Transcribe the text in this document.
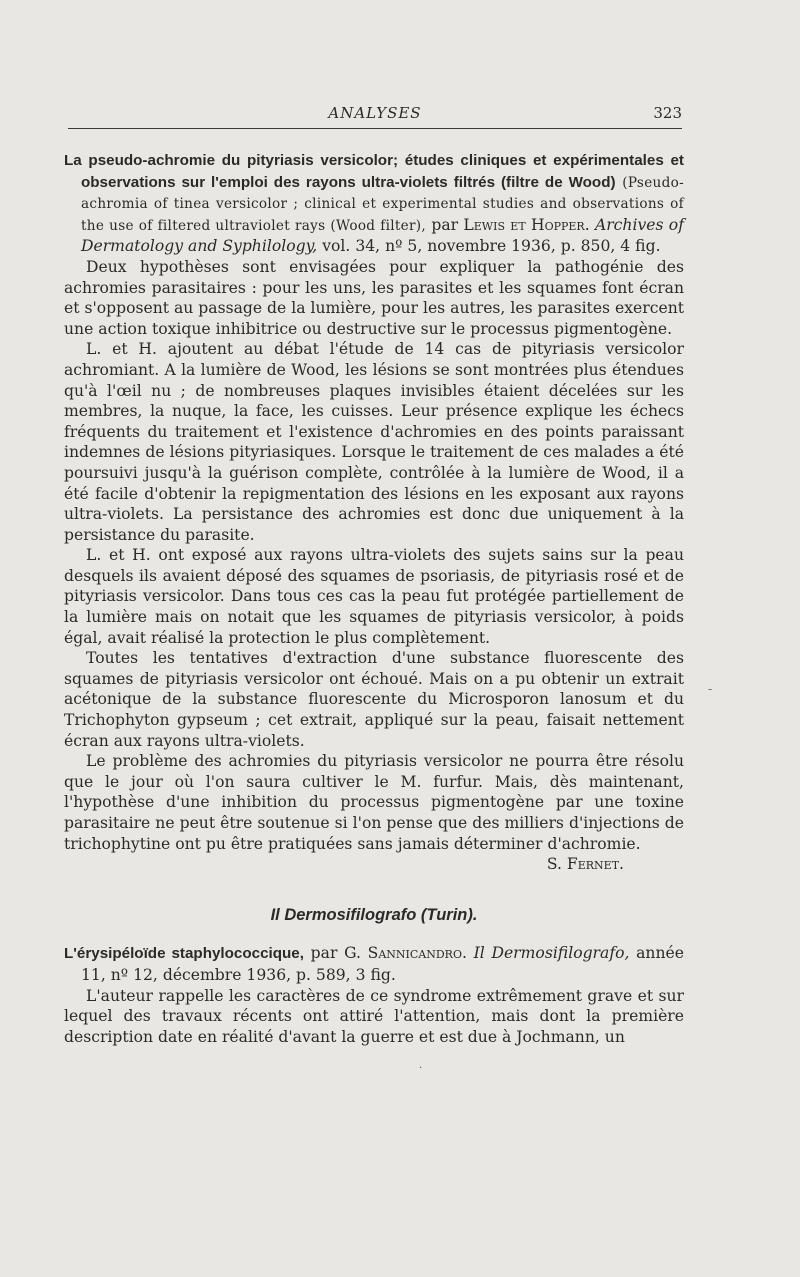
ANALYSES	323

La pseudo-achromie du pityriasis versicolor; études cliniques et expérimentales et observations sur l'emploi des rayons ultra-violets filtrés (filtre de Wood) (Pseudo-achromia of tinea versicolor ; clinical et experimental studies and observations of the use of filtered ultraviolet rays (Wood filter), par Lewis et Hopper. Archives of Dermatology and Syphilology, vol. 34, nº 5, novembre 1936, p. 850, 4 fig.

Deux hypothèses sont envisagées pour expliquer la pathogénie des achromies parasitaires : pour les uns, les parasites et les squames font écran et s'opposent au passage de la lumière, pour les autres, les parasites exercent une action toxique inhibitrice ou destructive sur le processus pigmentogène.

L. et H. ajoutent au débat l'étude de 14 cas de pityriasis versicolor achromiant. A la lumière de Wood, les lésions se sont montrées plus étendues qu'à l'œil nu ; de nombreuses plaques invisibles étaient décelées sur les membres, la nuque, la face, les cuisses. Leur présence explique les échecs fréquents du traitement et l'existence d'achromies en des points paraissant indemnes de lésions pityriasiques. Lorsque le traitement de ces malades a été poursuivi jusqu'à la guérison complète, contrôlée à la lumière de Wood, il a été facile d'obtenir la repigmentation des lésions en les exposant aux rayons ultra-violets. La persistance des achromies est donc due uniquement à la persistance du parasite.

L. et H. ont exposé aux rayons ultra-violets des sujets sains sur la peau desquels ils avaient déposé des squames de psoriasis, de pityriasis rosé et de pityriasis versicolor. Dans tous ces cas la peau fut protégée partiellement de la lumière mais on notait que les squames de pityriasis versicolor, à poids égal, avait réalisé la protection le plus complètement.

Toutes les tentatives d'extraction d'une substance fluorescente des squames de pityriasis versicolor ont échoué. Mais on a pu obtenir un extrait acétonique de la substance fluorescente du Microsporon lanosum et du Trichophyton gypseum ; cet extrait, appliqué sur la peau, faisait nettement écran aux rayons ultra-violets.

Le problème des achromies du pityriasis versicolor ne pourra être résolu que le jour où l'on saura cultiver le M. furfur. Mais, dès maintenant, l'hypothèse d'une inhibition du processus pigmentogène par une toxine parasitaire ne peut être soutenue si l'on pense que des milliers d'injections de trichophytine ont pu être pratiquées sans jamais déterminer d'achromie.

S. Fernet.
Il Dermosifilografo (Turin).

L'érysipéloïde staphylococcique, par G. Sannicandro. Il Dermosifilografo, année 11, nº 12, décembre 1936, p. 589, 3 fig.

L'auteur rappelle les caractères de ce syndrome extrêmement grave et sur lequel des travaux récents ont attiré l'attention, mais dont la première description date en réalité d'avant la guerre et est due à Jochmann, un

-
·
